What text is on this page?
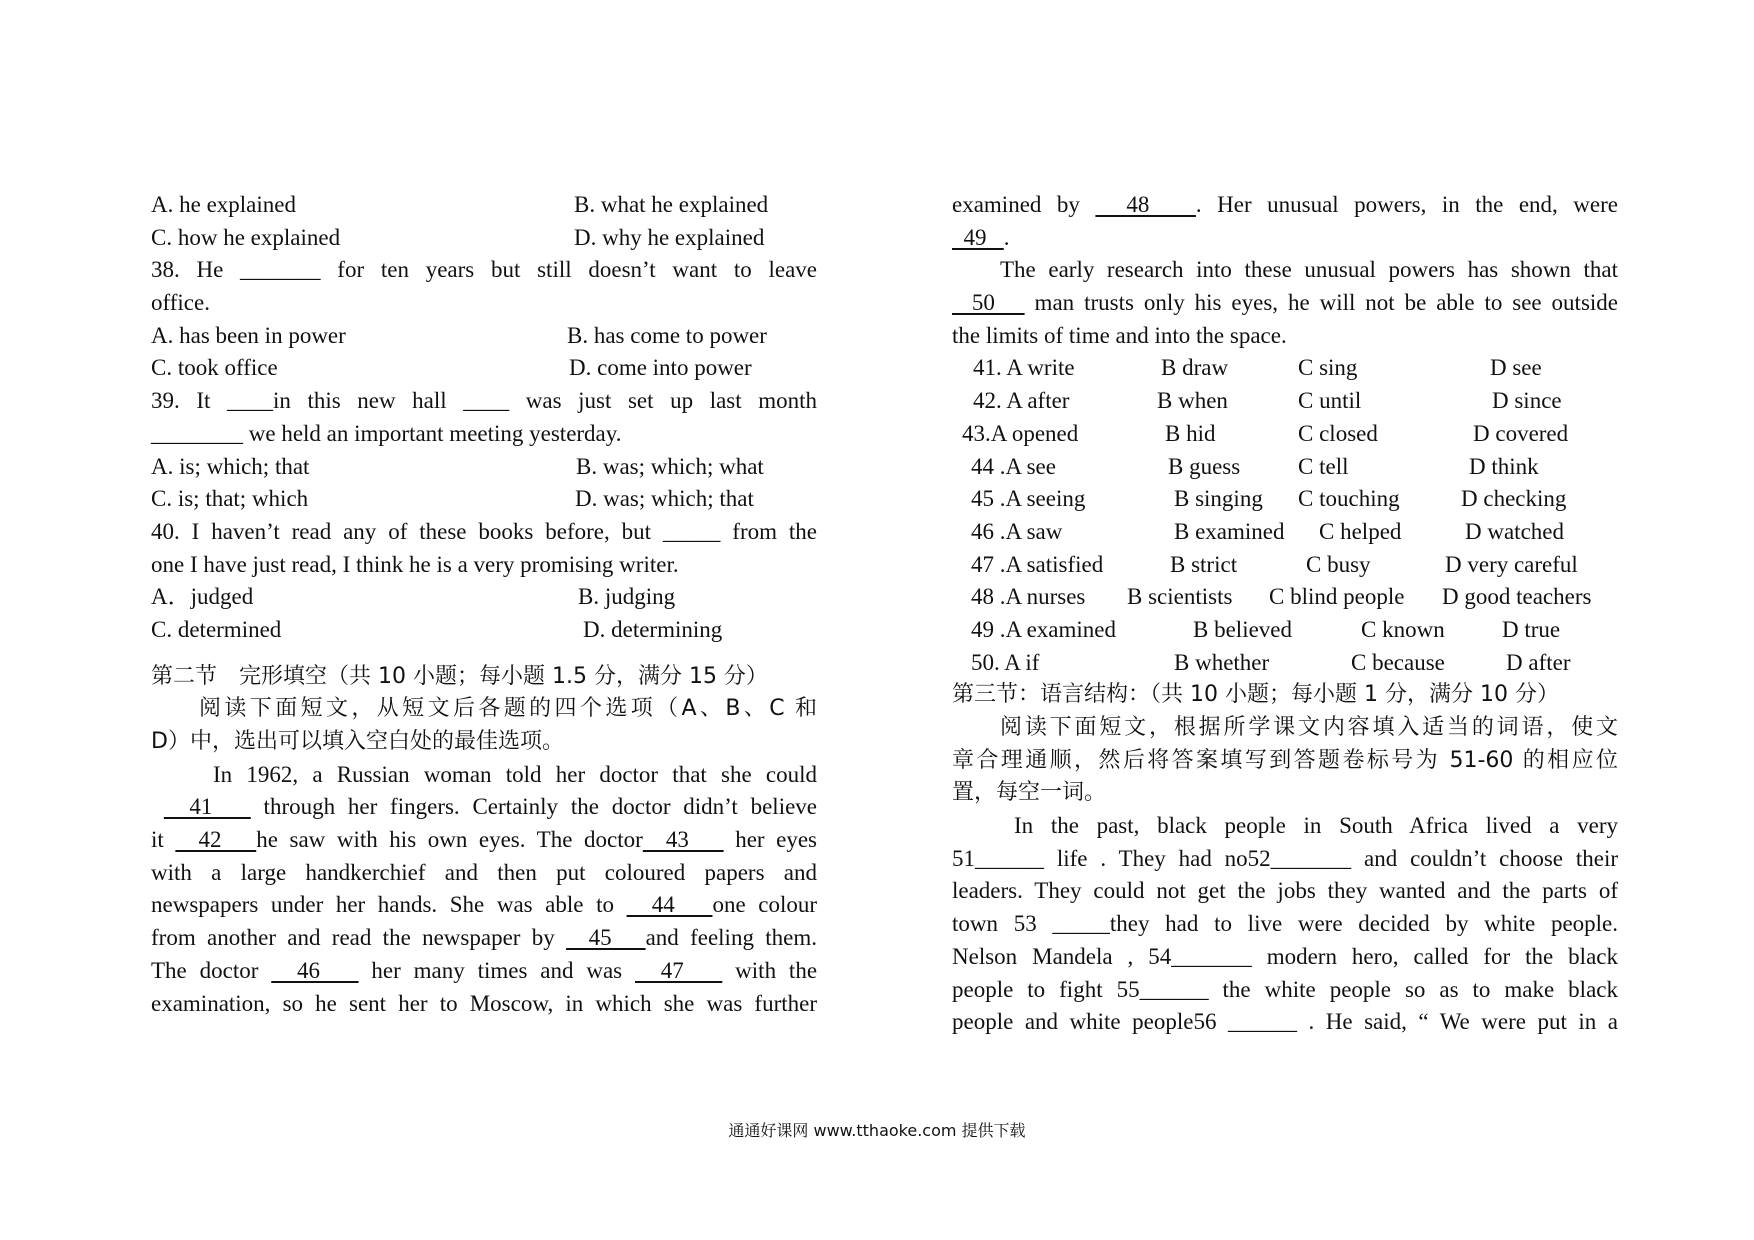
A. he explained	B. what he explained
C. how he explained	D. why he explained
38. He _______ for ten years but still doesn’t want to leave
office.
A. has been in power	B. has come to power
C. took office	D. come into power
39. It ____in this new hall ____ was just set up last month
________ we held an important meeting yesterday.
A. is; which; that	B. was; which; what
C. is; that; which	D. was; which; that
40. I haven’t read any of these books before, but _____ from the
one I have just read, I think he is a very promising writer.
A．judged	B. judging
C. determined	D. determining
第二节　完形填空（共 10 小题；每小题 1.5 分，满分 15 分）
阅读下面短文，从短文后各题的四个选项（A、B、C 和
D）中，选出可以填入空白处的最佳选项。
In 1962, a Russian woman told her doctor that she could
41    through her fingers. Certainly the doctor didn’t believe
it   42   he saw with his own eyes. The doctor  43    her eyes
with a large handkerchief and then put coloured papers and
newspapers under her hands. She was able to   44   one colour
from another and read the newspaper by   45   and feeling them.
The doctor   46    her many times and was   47    with the
examination, so he sent her to Moscow, in which she was further
examined by   48   . Her unusual powers, in the end, were
49   .
The early research into these unusual powers has shown that
50    man trusts only his eyes, he will not be able to see outside
the limits of time and into the space.
41. A write	B draw	C sing	D see
42. A after	B when	C until	D since
43.A opened	B hid	C closed	D covered
44 .A see	B guess	C tell	D think
45 .A seeing	B singing C touching	D checking
46 .A saw	B examined C helped	D watched
47 .A satisfied	B strict	C busy	D very careful
48 .A nurses B scientists C blind people D good teachers
49 .A examined	B believed	C known D true
50. A if	B whether	C because	D after
第三节：语言结构：（共 10 小题；每小题 1 分，满分 10 分）
阅读下面短文，根据所学课文内容填入适当的词语，使文
章合理通顺，然后将答案填写到答题卷标号为 51-60 的相应位
置，每空一词。
In the past, black people in South Africa lived a very
51______ life . They had no52_______ and couldn’t choose their
leaders. They could not get the jobs they wanted and the parts of
town 53 _____they had to live were decided by white people.
Nelson Mandela , 54_______ modern hero, called for the black
people to fight 55______ the white people so as to make black
people and white people56 ______ . He said, “ We were put in a
通通好课网 www.tthaoke.com 提供下载
